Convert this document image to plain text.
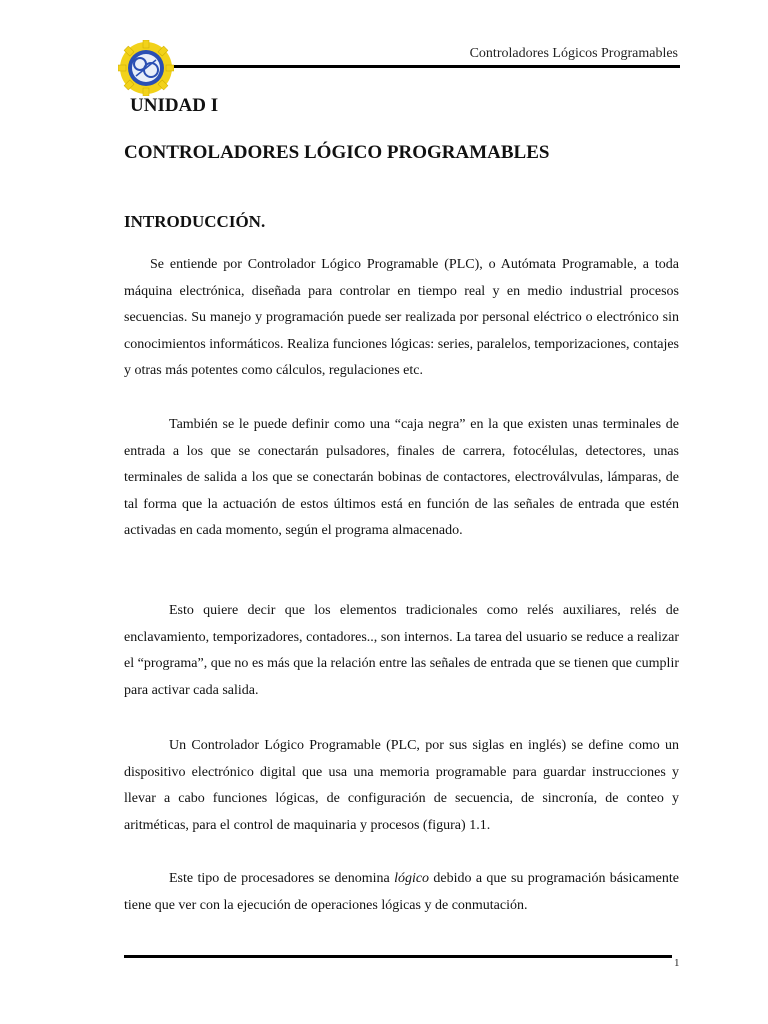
Controladores Lógicos Programables
UNIDAD I
CONTROLADORES LÓGICO PROGRAMABLES
INTRODUCCIÓN.

Se entiende por Controlador Lógico Programable (PLC), o Autómata Programable, a toda máquina electrónica, diseñada para controlar en tiempo real y en medio industrial procesos secuencias. Su manejo y programación puede ser realizada por personal eléctrico o electrónico sin conocimientos informáticos. Realiza funciones lógicas: series, paralelos, temporizaciones, contajes y otras más potentes como cálculos, regulaciones etc.

También se le puede definir como una “caja negra” en la que existen unas terminales de entrada a los que se conectarán pulsadores, finales de carrera, fotocélulas, detectores, unas terminales de salida a los que se conectarán bobinas de contactores, electroválvulas, lámparas, de tal forma que la actuación de estos últimos está en función de las señales de entrada que estén activadas en cada momento, según el programa almacenado.

Esto quiere decir que los elementos tradicionales como relés auxiliares, relés de enclavamiento, temporizadores, contadores.., son internos. La tarea del usuario se reduce a realizar el “programa”, que no es más que la relación entre las señales de entrada que se tienen que cumplir para activar cada salida.

Un Controlador Lógico Programable (PLC, por sus siglas en inglés) se define como un dispositivo electrónico digital que usa una memoria programable para guardar instrucciones y llevar a cabo funciones lógicas, de configuración de secuencia, de sincronía, de conteo y aritméticas, para el control de maquinaria y procesos (figura) 1.1.

Este tipo de procesadores se denomina lógico debido a que su programación básicamente tiene que ver con la ejecución de operaciones lógicas y de conmutación.

1
